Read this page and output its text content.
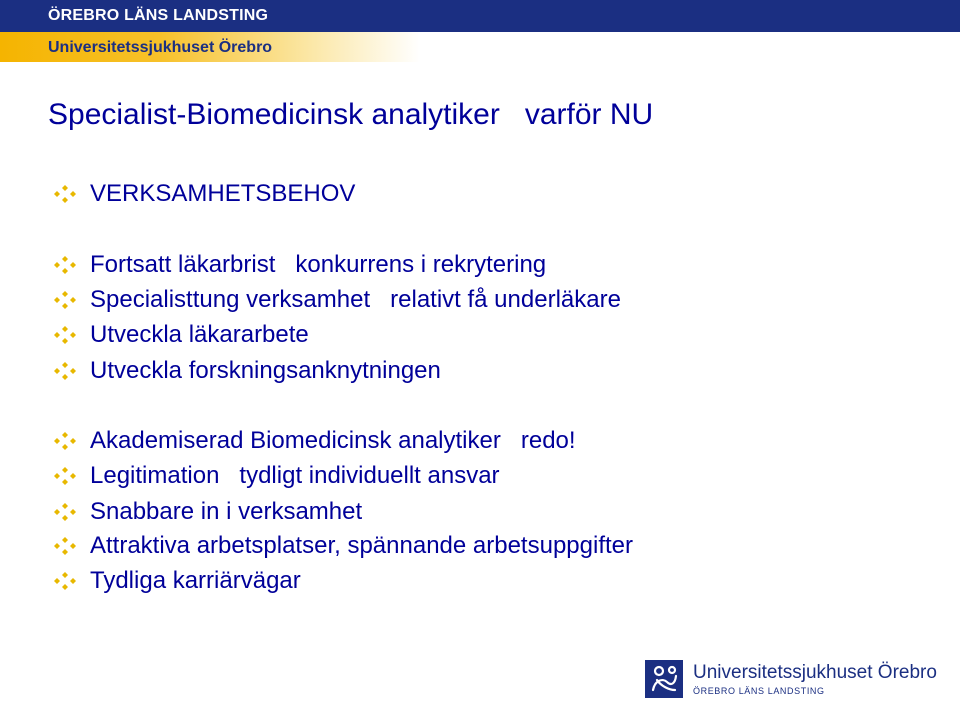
ÖREBRO LÄNS LANDSTING
Universitetssjukhuset Örebro
Specialist-Biomedicinsk analytiker   varför NU
VERKSAMHETSBEHOV
Fortsatt läkarbrist   konkurrens i rekrytering
Specialisttung verksamhet   relativt få underläkare
Utveckla läkararbete
Utveckla forskningsanknytningen
Akademiserad Biomedicinsk analytiker   redo!
Legitimation   tydligt individuellt ansvar
Snabbare in i verksamhet
Attraktiva arbetsplatser, spännande arbetsuppgifter
Tydliga karriärvägar
Universitetssjukhuset Örebro
ÖREBRO LÄNS LANDSTING
